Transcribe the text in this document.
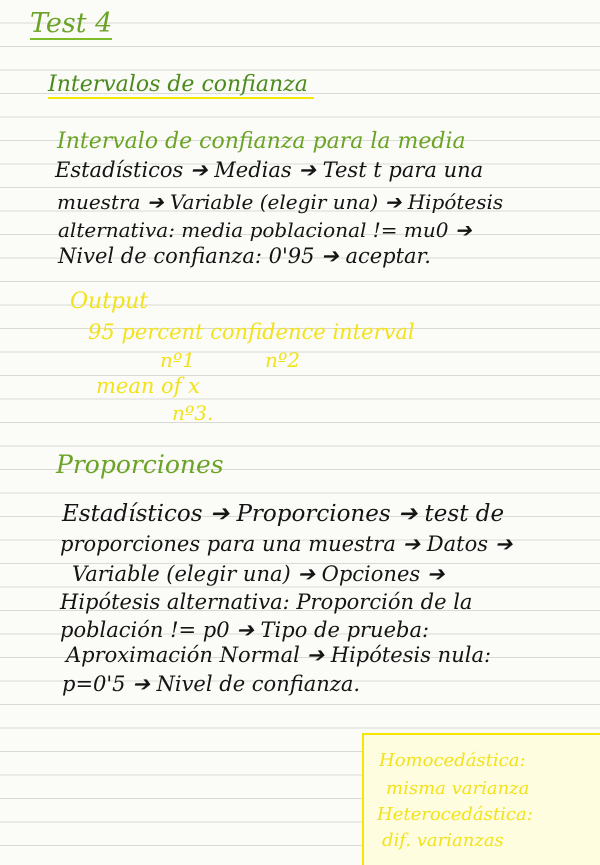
Test 4
Intervalos de confianza
Intervalo de confianza para la media
Estadísticos ➔ Medias ➔ Test t para una
muestra ➔ Variable (elegir una) ➔ Hipótesis
alternativa: media poblacional != mu0 ➔
Nivel de confianza: 0'95 ➔ aceptar.
Output
95 percent confidence interval
nº1	nº2
mean of x
nº3.
Proporciones
Estadísticos ➔ Proporciones ➔ test de
proporciones para una muestra ➔ Datos ➔
Variable (elegir una) ➔ Opciones ➔
Hipótesis alternativa: Proporción de la
población != p0 ➔ Tipo de prueba:
Aproximación Normal ➔ Hipótesis nula:
p=0'5 ➔ Nivel de confianza.
Homocedástica:
misma varianza
Heterocedástica:
dif. varianzas
